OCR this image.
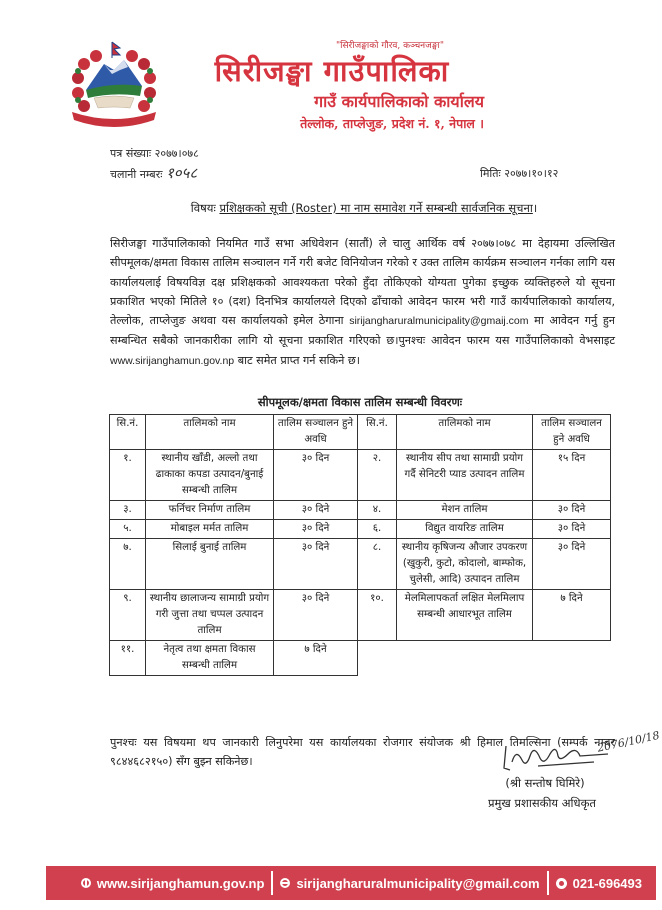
"सिरीजङ्घाको गौरव, कञ्चनजङ्घा"
सिरीजङ्घा गाउँपालिका
गाउँ कार्यपालिकाको कार्यालय
तेल्लोक, ताप्लेजुङ, प्रदेश नं. १, नेपाल ।
पत्र संख्याः २०७७।०७८
चलानी नम्बरः १०५८	मितिः २०७७।१०।१२
विषयः प्रशिक्षकको सूची (Roster) मा नाम समावेश गर्ने सम्बन्धी सार्वजनिक सूचना।
सिरीजङ्घा गाउँपालिकाको नियमित गाउँ सभा अधिवेशन (सातौं) ले चालु आर्थिक वर्ष २०७७।०७८ मा देहायमा उल्लिखित सीपमूलक/क्षमता विकास तालिम सञ्चालन गर्ने गरी बजेट विनियोजन गरेको र उक्त तालिम कार्यक्रम सञ्चालन गर्नका लागि यस कार्यालयलाई विषयविज्ञ दक्ष प्रशिक्षकको आवश्यकता परेको हुँदा तोकिएको योग्यता पुगेका इच्छुक व्यक्तिहरुले यो सूचना प्रकाशित भएको मितिले १० (दश) दिनभित्र कार्यालयले दिएको ढाँचाको आवेदन फारम भरी गाउँ कार्यपालिकाको कार्यालय, तेल्लोक, ताप्लेजुङ अथवा यस कार्यालयको इमेल ठेगाना sirijangharuralmunicipality@gmaij.com मा आवेदन गर्नु हुन सम्बन्धित सबैको जानकारीका लागि यो सूचना प्रकाशित गरिएको छ।पुनश्चः आवेदन फारम यस गाउँपालिकाको वेभसाइट www.sirijanghamun.gov.np बाट समेत प्राप्त गर्न सकिने छ।
सीपमूलक/क्षमता विकास तालिम सम्बन्धी विवरणः
सि.नं.	तालिमको नाम	तालिम सञ्चालन हुने अवधि	सि.नं.	तालिमको नाम	तालिम सञ्चालन हुने अवधि
१.	स्थानीय खाँडी, अल्लो तथा ढाकाका कपडा उत्पादन/बुनाई सम्बन्धी तालिम	३० दिन	२.	स्थानीय सीप तथा सामाग्री प्रयोग गर्दै सेनिटरी प्याड उत्पादन तालिम	१५ दिन
३.	फर्निचर निर्माण तालिम	३० दिने	४.	मेशन तालिम	३० दिने
५.	मोबाइल मर्मत तालिम	३० दिने	६.	विद्युत वायरिङ तालिम	३० दिने
७.	सिलाई बुनाई तालिम	३० दिने	८.	स्थानीय कृषिजन्य औजार उपकरण (खुकुरी, कुटो, कोदालो, बाम्फोक, चुलेसी, आदि) उत्पादन तालिम	३० दिने
९.	स्थानीय छालाजन्य सामाग्री प्रयोग गरी जुत्ता तथा चप्पल उत्पादन तालिम	३० दिने	१०.	मेलमिलापकर्ता लक्षित मेलमिलाप सम्बन्धी आधारभूत तालिम	७ दिने
११.	नेतृत्व तथा क्षमता विकास सम्बन्धी तालिम	७ दिने			
पुनश्चः यस विषयमा थप जानकारी लिनुपरेमा यस कार्यालयका रोजगार संयोजक श्री हिमाल तिमल्सिना (सम्पर्क नम्बर ९८४४६८२१५०) सँग बुझ्न सकिनेछ।
2076/10/18
(श्री सन्तोष घिमिरे)
प्रमुख प्रशासकीय अधिकृत
www.sirijanghamun.gov.np sirijangharuralmunicipality@gmail.com	021-696493
